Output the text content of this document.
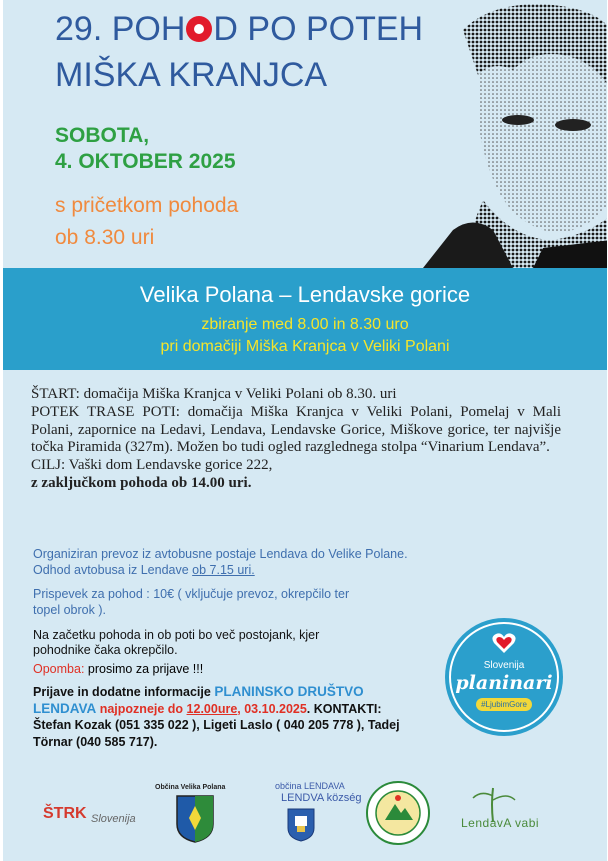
29. POH D PO POTEH
MIŠKA KRANJCA
SOBOTA,
4. OKTOBER 2025
s pričetkom pohoda
ob 8.30 uri
Velika Polana – Lendavske gorice
zbiranje med 8.00 in 8.30 uro
pri domačiji Miška Kranjca v Veliki Polani

ŠTART: domačija Miška Kranjca v Veliki Polani ob 8.30. uri

POTEK TRASE POTI: domačija Miška Kranjca v Veliki Polani, Pomelaj v Mali Polani, zapornice na Ledavi, Lendava, Lendavske Gorice, Miškove gorice, ter najvišje točka Piramida (327m). Možen bo tudi ogled razglednega stolpa “Vinarium Lendava”.

CILJ: Vaški dom Lendavske gorice 222,

z zaključkom pohoda ob 14.00 uri.

Organiziran prevoz iz avtobusne postaje Lendava do Velike Polane.
Odhod avtobusa iz Lendave ob 7.15 uri.
Prispevek za pohod : 10€ ( vključuje prevoz, okrepčilo ter
topel obrok ).
Na začetku pohoda in ob poti bo več postojank, kjer
pohodnike čaka okrepčilo.
Opomba: prosimo za prijave !!!
Prijave in dodatne informacije PLANINSKO DRUŠTVO LENDAVA najpozneje do 12.00ure, 03.10.2025. KONTAKTI: Štefan Kozak (051 335 022 ), Ligeti Laslo ( 040 205 778 ), Tadej Törnar (040 585 717).
Slovenija
planinari
#LjubimGore
ŠTRK Slovenija
Občina Velika Polana	občina LENDAVA
LENDVA község
LendavA vabi
